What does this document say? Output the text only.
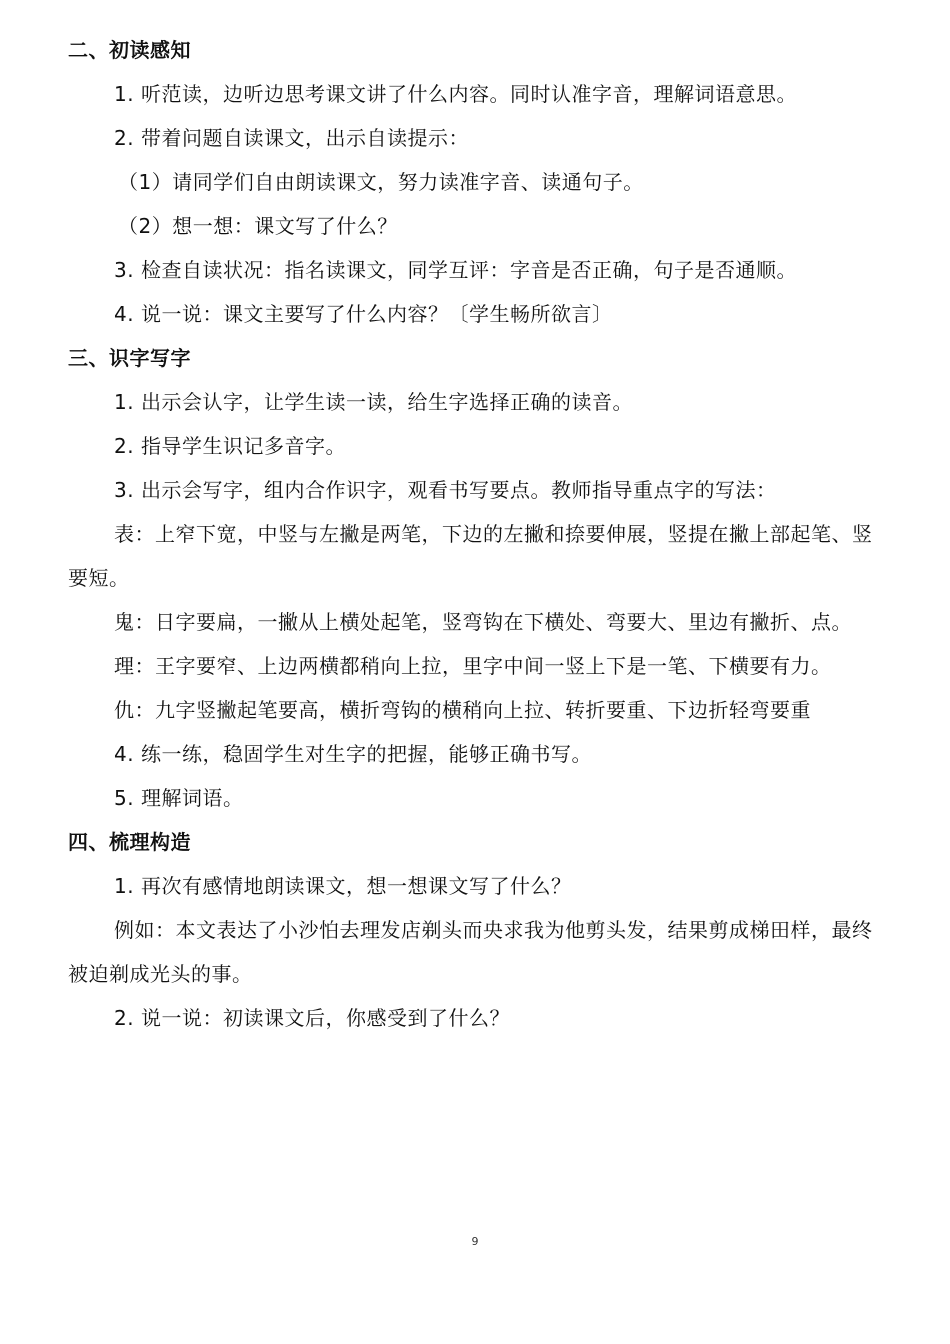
二、初读感知
1. 听范读，边听边思考课文讲了什么内容。同时认准字音，理解词语意思。
2. 带着问题自读课文，出示自读提示：
（1）请同学们自由朗读课文，努力读准字音、读通句子。
（2）想一想：课文写了什么？
3. 检查自读状况：指名读课文，同学互评：字音是否正确，句子是否通顺。
4. 说一说：课文主要写了什么内容？〔学生畅所欲言〕
三、识字写字
1. 出示会认字，让学生读一读，给生字选择正确的读音。
2. 指导学生识记多音字。
3. 出示会写字，组内合作识字，观看书写要点。教师指导重点字的写法：
表：上窄下宽，中竖与左撇是两笔，下边的左撇和捺要伸展，竖提在撇上部起笔、竖要短。
鬼：日字要扁，一撇从上横处起笔，竖弯钩在下横处、弯要大、里边有撇折、点。
理：王字要窄、上边两横都稍向上拉，里字中间一竖上下是一笔、下横要有力。
仇：九字竖撇起笔要高，横折弯钩的横稍向上拉、转折要重、下边折轻弯要重
4. 练一练，稳固学生对生字的把握，能够正确书写。
5. 理解词语。
四、梳理构造
1. 再次有感情地朗读课文，想一想课文写了什么？
例如：本文表达了小沙怕去理发店剃头而央求我为他剪头发，结果剪成梯田样，最终被迫剃成光头的事。
2. 说一说：初读课文后，你感受到了什么？
9
